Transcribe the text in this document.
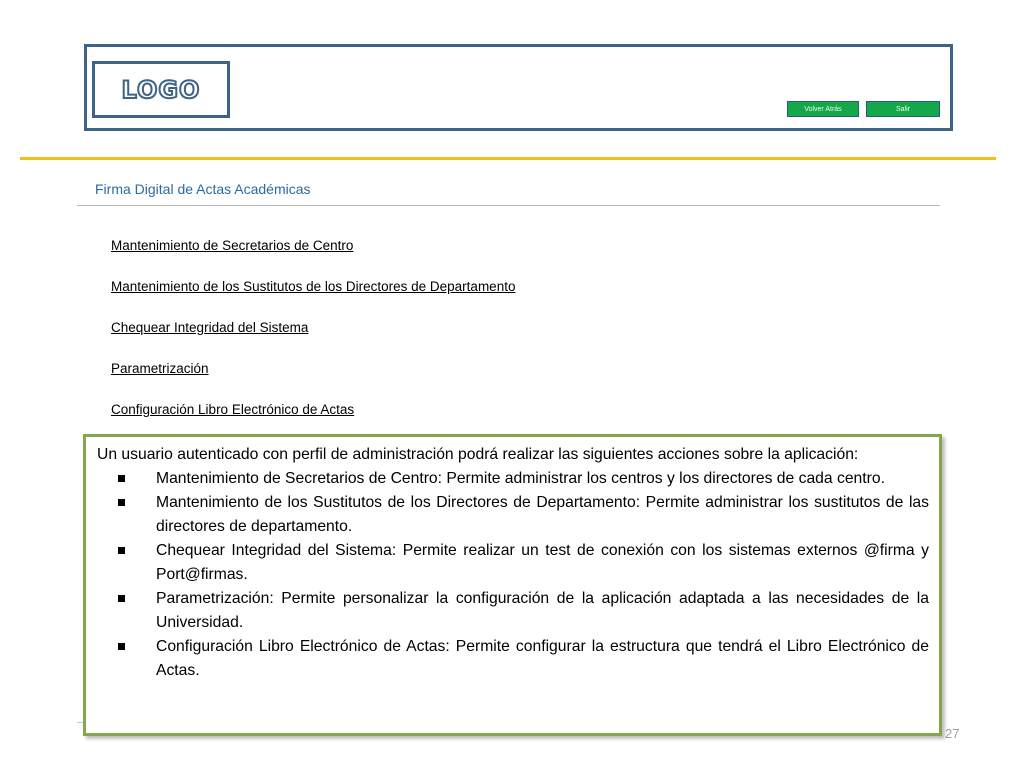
LOGO
Volver Atrás	Salir
Firma Digital de Actas Académicas
Mantenimiento de Secretarios de Centro
Mantenimiento de los Sustitutos de los Directores de Departamento
Chequear Integridad del Sistema
Parametrización
Configuración Libro Electrónico de Actas
27

Un usuario autenticado con perfil de administración podrá realizar las siguientes acciones sobre la aplicación:

Mantenimiento de Secretarios de Centro: Permite administrar los centros y los directores de cada centro.
Mantenimiento de los Sustitutos de los Directores de Departamento: Permite administrar los sustitutos de las directores de departamento.
Chequear Integridad del Sistema: Permite realizar un test de conexión con los sistemas externos @firma y Port@firmas.
Parametrización: Permite personalizar la configuración de la aplicación adaptada a las necesidades de la Universidad.
Configuración Libro Electrónico de Actas: Permite configurar la estructura que tendrá el Libro Electrónico de Actas.
